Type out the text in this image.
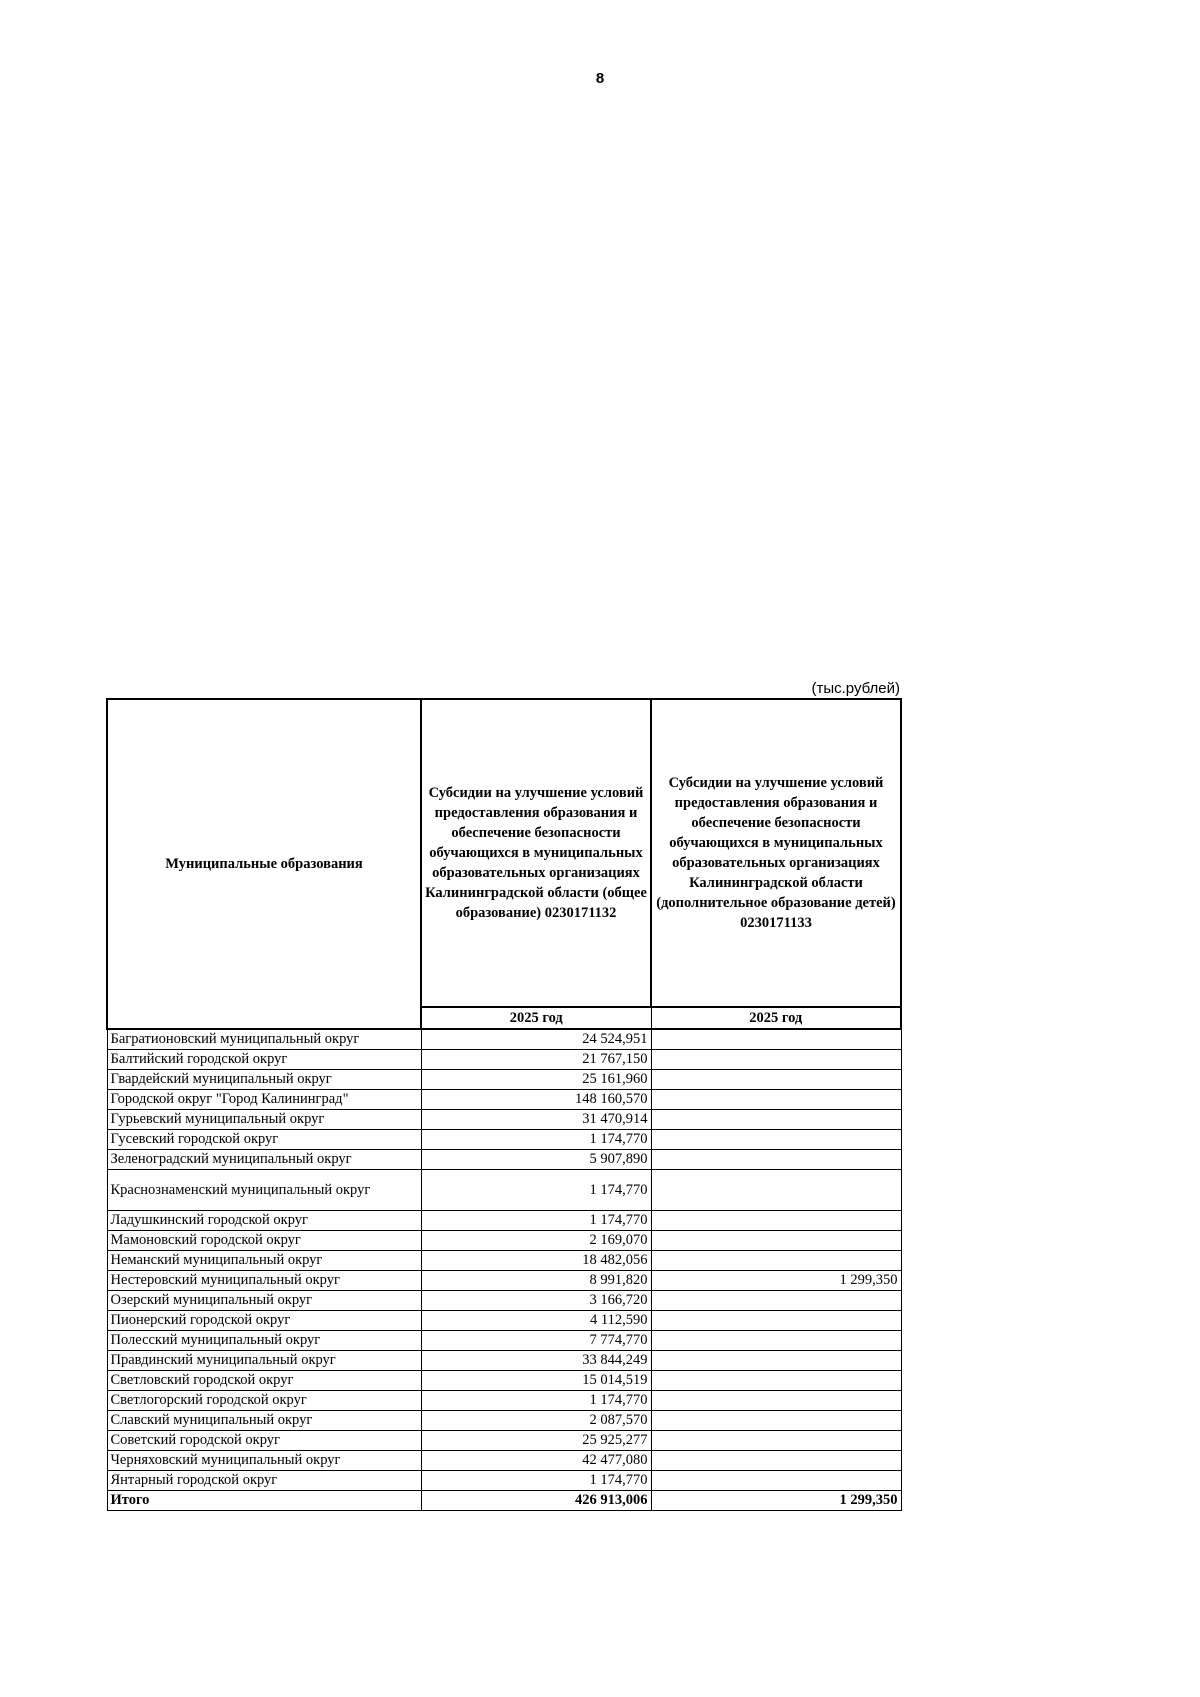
8
(тыс.рублей)
Муниципальные образования	Субсидии на улучшение условий предоставления образования и обеспечение безопасности обучающихся в муниципальных образовательных организациях Калининградской области (общее образование) 0230171132	Субсидии на улучшение условий предоставления образования и обеспечение безопасности обучающихся в муниципальных образовательных организациях Калининградской области (дополнительное образование детей) 0230171133
	2025 год	2025 год
Багратионовский муниципальный округ	24 524,951	
Балтийский городской округ	21 767,150	
Гвардейский муниципальный округ	25 161,960	
Городской округ "Город Калининград"	148 160,570	
Гурьевский муниципальный округ	31 470,914	
Гусевский городской округ	1 174,770	
Зеленоградский муниципальный округ	5 907,890	
Краснознаменский муниципальный округ	1 174,770	
Ладушкинский городской округ	1 174,770	
Мамоновский городской округ	2 169,070	
Неманский муниципальный округ	18 482,056	
Нестеровский муниципальный округ	8 991,820	1 299,350
Озерский муниципальный округ	3 166,720	
Пионерский городской округ	4 112,590	
Полесский муниципальный округ	7 774,770	
Правдинский муниципальный округ	33 844,249	
Светловский городской округ	15 014,519	
Светлогорский городской округ	1 174,770	
Славский муниципальный округ	2 087,570	
Советский городской округ	25 925,277	
Черняховский муниципальный округ	42 477,080	
Янтарный городской округ	1 174,770	
Итого	426 913,006	1 299,350
